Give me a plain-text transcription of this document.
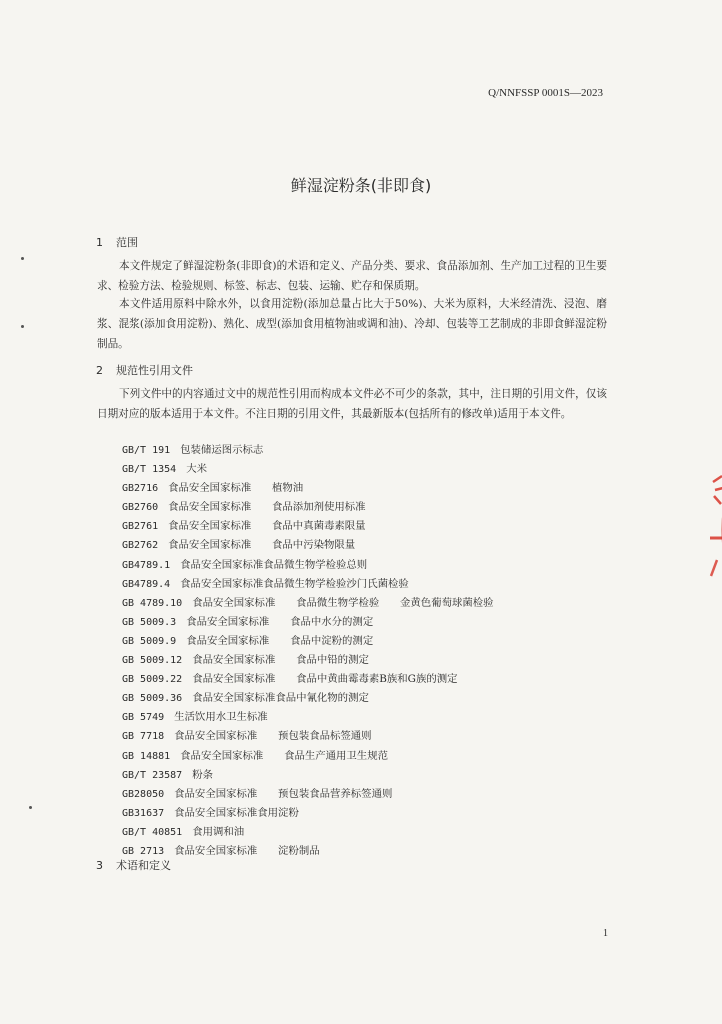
Q/NNFSSP 0001S—2023
鲜湿淀粉条(非即食)
1 范围
本文件规定了鲜湿淀粉条(非即食)的术语和定义、产品分类、要求、食品添加剂、生产加工过程的卫生要求、检验方法、检验规则、标签、标志、包装、运输、贮存和保质期。
本文件适用原料中除水外，以食用淀粉(添加总量占比大于50%)、大米为原料，大米经清洗、浸泡、磨浆、混浆(添加食用淀粉)、熟化、成型(添加食用植物油或调和油)、冷却、包装等工艺制成的非即食鲜湿淀粉制品。
2 规范性引用文件
下列文件中的内容通过文中的规范性引用而构成本文件必不可少的条款，其中，注日期的引用文件，仅该日期对应的版本适用于本文件。不注日期的引用文件，其最新版本(包括所有的修改单)适用于本文件。
GB/T 191 包装储运图示标志
GB/T 1354 大米
GB2716 食品安全国家标准　　植物油
GB2760 食品安全国家标准　　食品添加剂使用标准
GB2761 食品安全国家标准　　食品中真菌毒素限量
GB2762 食品安全国家标准　　食品中污染物限量
GB4789.1 食品安全国家标准食品微生物学检验总则
GB4789.4 食品安全国家标准食品微生物学检验沙门氏菌检验
GB 4789.10 食品安全国家标准　　食品微生物学检验　　金黄色葡萄球菌检验
GB 5009.3 食品安全国家标准　　食品中水分的测定
GB 5009.9 食品安全国家标准　　食品中淀粉的测定
GB 5009.12 食品安全国家标准　　食品中铅的测定
GB 5009.22 食品安全国家标准　　食品中黄曲霉毒素B族和G族的测定
GB 5009.36 食品安全国家标准食品中氰化物的测定
GB 5749 生活饮用水卫生标准
GB 7718 食品安全国家标准　　预包装食品标签通则
GB 14881 食品安全国家标准　　食品生产通用卫生规范
GB/T 23587 粉条
GB28050 食品安全国家标准　　预包装食品营养标签通则
GB31637 食品安全国家标准食用淀粉
GB/T 40851 食用调和油
GB 2713 食品安全国家标准　　淀粉制品
3 术语和定义
1
